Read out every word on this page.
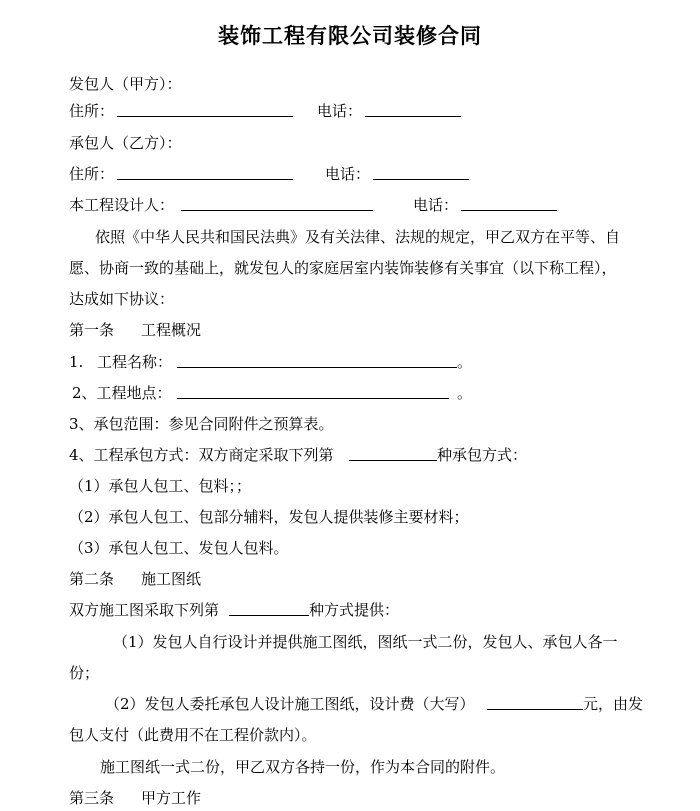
装饰工程有限公司装修合同
发包人（甲方）：
住所：	电话：
承包人（乙方）：
住所：	电话：
本工程设计人：	电话：
依照《中华人民共和国民法典》及有关法律、法规的规定，甲乙双方在平等、自
愿、协商一致的基础上，就发包人的家庭居室内装饰装修有关事宜（以下称工程），
达成如下协议：
第一条 工程概况
1. 工程名称：	。
2、工程地点：	。
3、承包范围：参见合同附件之预算表。
4、工程承包方式：双方商定采取下列第	种承包方式：
（1）承包人包工、包料；；
（2）承包人包工、包部分辅料，发包人提供装修主要材料；
（3）承包人包工、发包人包料。
第二条 施工图纸
双方施工图采取下列第	种方式提供：
（1）发包人自行设计并提供施工图纸，图纸一式二份，发包人、承包人各一
份；
（2）发包人委托承包人设计施工图纸，设计费（大写）	元，由发
包人支付（此费用不在工程价款内）。
施工图纸一式二份，甲乙双方各持一份，作为本合同的附件。
第三条 甲方工作
